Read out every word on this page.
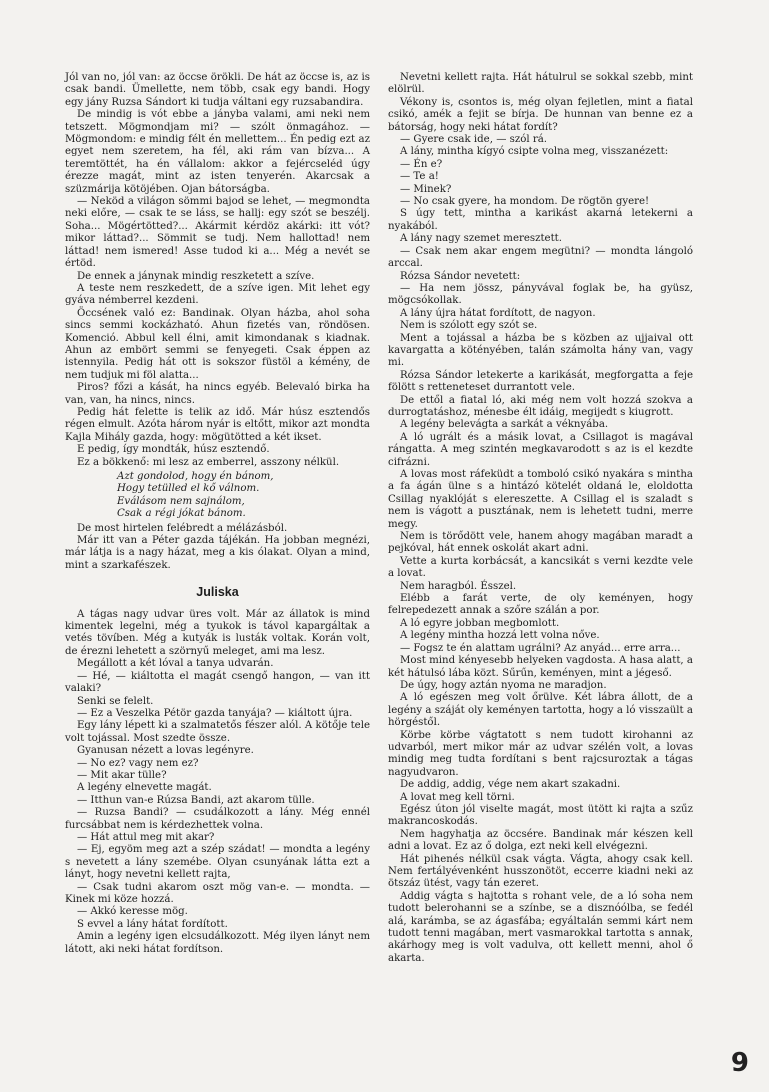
Jól van no, jól van: az öccse örökli. De hát az öccse is, az is csak bandi. Ümellette, nem több, csak egy bandi. Hogy egy jány Ruzsa Sándort ki tudja váltani egy ruzsabandira.

De mindig is vót ebbe a jányba valami, ami neki nem tetszett. Mögmondjam mi? — szólt önmagához. — Mögmondom: e mindig félt én mellettem... Én pedig ezt az egyet nem szeretem, ha fél, aki rám van bízva... A teremtöttét, ha én vállalom: akkor a fejércseléd úgy érezze magát, mint az isten tenyerén. Akarcsak a szüzmárija kötöjében. Ojan bátorságba.

— Neköd a világon sömmi bajod se lehet, — megmondta neki előre, — csak te se láss, se hallj: egy szót se beszélj. Soha... Mögértötted?... Akármit kérdöz akárki: itt vót? mikor láttad?... Sömmit se tudj. Nem hallottad! nem láttad! nem ismered! Asse tudod ki a... Még a nevét se értöd.

De ennek a jánynak mindig reszketett a szíve.

A teste nem reszkedett, de a szíve igen. Mit lehet egy gyáva némberrel kezdeni.

Öccsének való ez: Bandinak. Olyan házba, ahol soha sincs semmi kockázható. Ahun fizetés van, röndösen. Komenció. Abbul kell élni, amit kimondanak s kiadnak. Ahun az embört semmi se fenyegeti. Csak éppen az istennyila. Pedig hát ott is sokszor füstöl a kémény, de nem tudjuk mi föl alatta...

Piros? főzi a kását, ha nincs egyéb. Belevaló birka ha van, van, ha nincs, nincs.

Pedig hát felette is telik az idő. Már húsz esztendős régen elmult. Azóta három nyár is eltőtt, mikor azt mondta Kajla Mihály gazda, hogy: mögütötted a két ikset.

E pedig, így mondták, húsz esztendő.

Ez a bökkenő: mi lesz az emberrel, asszony nélkül.

Azt gondolod, hogy én bánom,
Hogy tetülled el kő válnom.
Eválásom nem sajnálom,
Csak a régi jókat bánom.

De most hirtelen felébredt a mélázásból.

Már itt van a Péter gazda tájékán. Ha jobban megnézi, már látja is a nagy házat, meg a kis ólakat. Olyan a mind, mint a szarkafészek.

Juliska

A tágas nagy udvar üres volt. Már az állatok is mind kimentek legelni, még a tyukok is távol kapargáltak a vetés tövíben. Még a kutyák is lusták voltak. Korán volt, de érezni lehetett a szörnyű meleget, ami ma lesz.

Megállott a két lóval a tanya udvarán.

— Hé, — kiáltotta el magát csengő hangon, — van itt valaki?

Senki se felelt.

— Ez a Veszelka Pétör gazda tanyája? — kiáltott újra.

Egy lány lépett ki a szalmatetős fészer alól. A kötője tele volt tojással. Most szedte össze.

Gyanusan nézett a lovas legényre.

— No ez? vagy nem ez?

— Mit akar tülle?

A legény elnevette magát.

— Itthun van-e Rúzsa Bandi, azt akarom tülle.

— Ruzsa Bandi? — csudálkozott a lány. Még ennél furcsábbat nem is kérdezhettek volna.

— Hát attul meg mit akar?

— Ej, egyöm meg azt a szép szádat! — mondta a legény s nevetett a lány szemébe. Olyan csunyának látta ezt a lányt, hogy nevetni kellett rajta,

— Csak tudni akarom oszt mög van-e. — mondta. — Kinek mi köze hozzá.

— Akkó keresse mög.

S evvel a lány hátat fordított.

Amin a legény igen elcsudálkozott. Még ilyen lányt nem látott, aki neki hátat fordítson.

Nevetni kellett rajta. Hát hátulrul se sokkal szebb, mint elölrül.

Vékony is, csontos is, még olyan fejletlen, mint a fiatal csikó, amék a fejit se bírja. De hunnan van benne ez a bátorság, hogy neki hátat fordít?

— Gyere csak ide, — szól rá.

A lány, mintha kígyó csipte volna meg, visszanézett:

— Én e?

— Te a!

— Minek?

— No csak gyere, ha mondom. De rögtön gyere!

S úgy tett, mintha a karikást akarná letekerni a nyakából.

A lány nagy szemet meresztett.

— Csak nem akar engem megütni? — mondta lángoló arccal.

Rózsa Sándor nevetett:

— Ha nem jössz, pányvával foglak be, ha gyüsz, mögcsókollak.

A lány újra hátat fordított, de nagyon.

Nem is szólott egy szót se.

Ment a tojással a házba be s közben az ujjaival ott kavargatta a kötényében, talán számolta hány van, vagy mi.

Rózsa Sándor letekerte a karikását, megforgatta a feje fölött s retteneteset durrantott vele.

De ettől a fiatal ló, aki még nem volt hozzá szokva a durrogtatáshoz, ménesbe élt idáig, megijedt s kiugrott.

A legény belevágta a sarkát a véknyába.

A ló ugrált és a másik lovat, a Csillagot is magával rángatta. A meg szintén megkavarodott s az is el kezdte cifrázni.

A lovas most ráfeküdt a tomboló csikó nyakára s mintha a fa ágán ülne s a hintázó kötelét oldaná le, eloldotta Csillag nyaklóját s elereszette. A Csillag el is szaladt s nem is vágott a pusztának, nem is lehetett tudni, merre megy.

Nem is törődött vele, hanem ahogy magában maradt a pejkóval, hát ennek oskolát akart adni.

Vette a kurta korbácsát, a kancsikát s verni kezdte vele a lovat.

Nem haragból. Ésszel.

Elébb a farát verte, de oly keményen, hogy felrepedezett annak a szőre szálán a por.

A ló egyre jobban megbomlott.

A legény mintha hozzá lett volna nőve.

— Fogsz te én alattam ugrálni? Az anyád... erre arra...

Most mind kényesebb helyeken vagdosta. A hasa alatt, a két hátulsó lába közt. Sűrűn, keményen, mint a jégeső.

De úgy, hogy aztán nyoma ne maradjon.

A ló egészen meg volt őrülve. Két lábra állott, de a legény a száját oly keményen tartotta, hogy a ló visszaült a hörgéstől.

Körbe körbe vágtatott s nem tudott kirohanni az udvarból, mert mikor már az udvar szélén volt, a lovas mindig meg tudta fordítani s bent rajcsuroztak a tágas nagyudvaron.

De addig, addig, vége nem akart szakadni.

A lovat meg kell törni.

Egész úton jól viselte magát, most ütött ki rajta a szűz makrancoskodás.

Nem hagyhatja az öccsére. Bandinak már készen kell adni a lovat. Ez az ő dolga, ezt neki kell elvégezni.

Hát pihenés nélkül csak vágta. Vágta, ahogy csak kell. Nem fertályévenként husszonötöt, eccerre kiadni neki az ötszáz ütést, vagy tán ezeret.

Addig vágta s hajtotta s rohant vele, de a ló soha nem tudott belerohanni se a színbe, se a disznóólba, se fedél alá, karámba, se az ágasfába; egyáltalán semmi kárt nem tudott tenni magában, mert vasmarokkal tartotta s annak, akárhogy meg is volt vadulva, ott kellett menni, ahol ő akarta.

9
